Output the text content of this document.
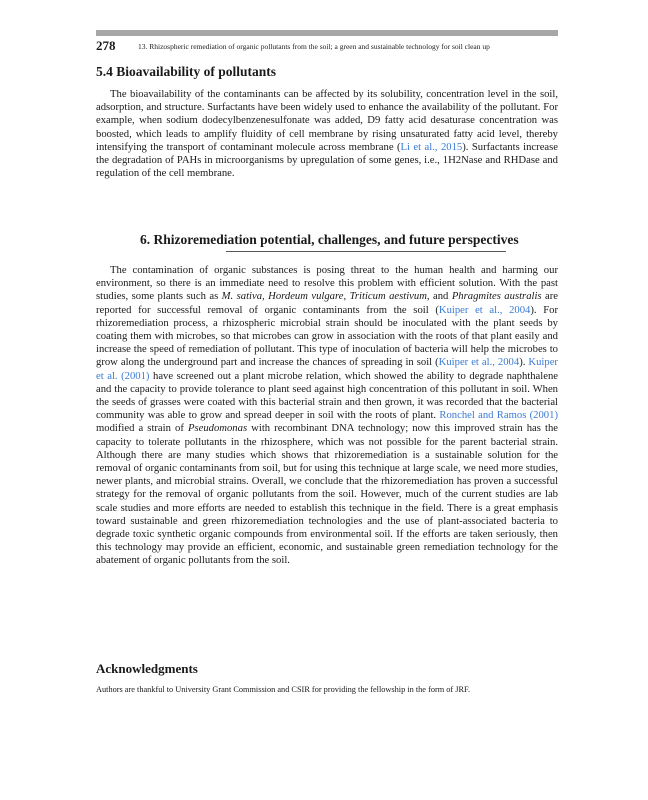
278	13. Rhizospheric remediation of organic pollutants from the soil; a green and sustainable technology for soil clean up
5.4 Bioavailability of pollutants

The bioavailability of the contaminants can be affected by its solubility, concentration level in the soil, adsorption, and structure. Surfactants have been widely used to enhance the availability of the pollutant. For example, when sodium dodecylbenzenesulfonate was added, D9 fatty acid desaturase concentration was boosted, which leads to amplify fluidity of cell membrane by rising unsaturated fatty acid level, thereby intensifying the transport of contaminant molecule across membrane (Li et al., 2015). Surfactants increase the degradation of PAHs in microorganisms by upregulation of some genes, i.e., 1H2Nase and RHDase and regulation of the cell membrane.

6. Rhizoremediation potential, challenges, and future perspectives

The contamination of organic substances is posing threat to the human health and harming our environment, so there is an immediate need to resolve this problem with efficient solution. With the past studies, some plants such as M. sativa, Hordeum vulgare, Triticum aestivum, and Phragmites australis are reported for successful removal of organic contaminants from the soil (Kuiper et al., 2004). For rhizoremediation process, a rhizospheric microbial strain should be inoculated with the plant seeds by coating them with microbes, so that microbes can grow in association with the roots of that plant easily and increase the speed of remediation of pollutant. This type of inoculation of bacteria will help the microbes to grow along the underground part and increase the chances of spreading in soil (Kuiper et al., 2004). Kuiper et al. (2001) have screened out a plant microbe relation, which showed the ability to degrade naphthalene and the capacity to provide tolerance to plant seed against high concentration of this pollutant in soil. When the seeds of grasses were coated with this bacterial strain and then grown, it was recorded that the bacterial community was able to grow and spread deeper in soil with the roots of plant. Ronchel and Ramos (2001) modified a strain of Pseudomonas with recombinant DNA technology; now this improved strain has the capacity to tolerate pollutants in the rhizosphere, which was not possible for the parent bacterial strain. Although there are many studies which shows that rhizoremediation is a sustainable solution for the removal of organic contaminants from soil, but for using this technique at large scale, we need more studies, newer plants, and microbial strains. Overall, we conclude that the rhizoremediation has proven a successful strategy for the removal of organic pollutants from the soil. However, much of the current studies are lab scale studies and more efforts are needed to establish this technique in the field. There is a great emphasis toward sustainable and green rhizoremediation technologies and the use of plant-associated bacteria to degrade toxic synthetic organic compounds from environmental soil. If the efforts are taken seriously, then this technology may provide an efficient, economic, and sustainable green remediation technology for the abatement of organic pollutants from the soil.

Acknowledgments

Authors are thankful to University Grant Commission and CSIR for providing the fellowship in the form of JRF.
